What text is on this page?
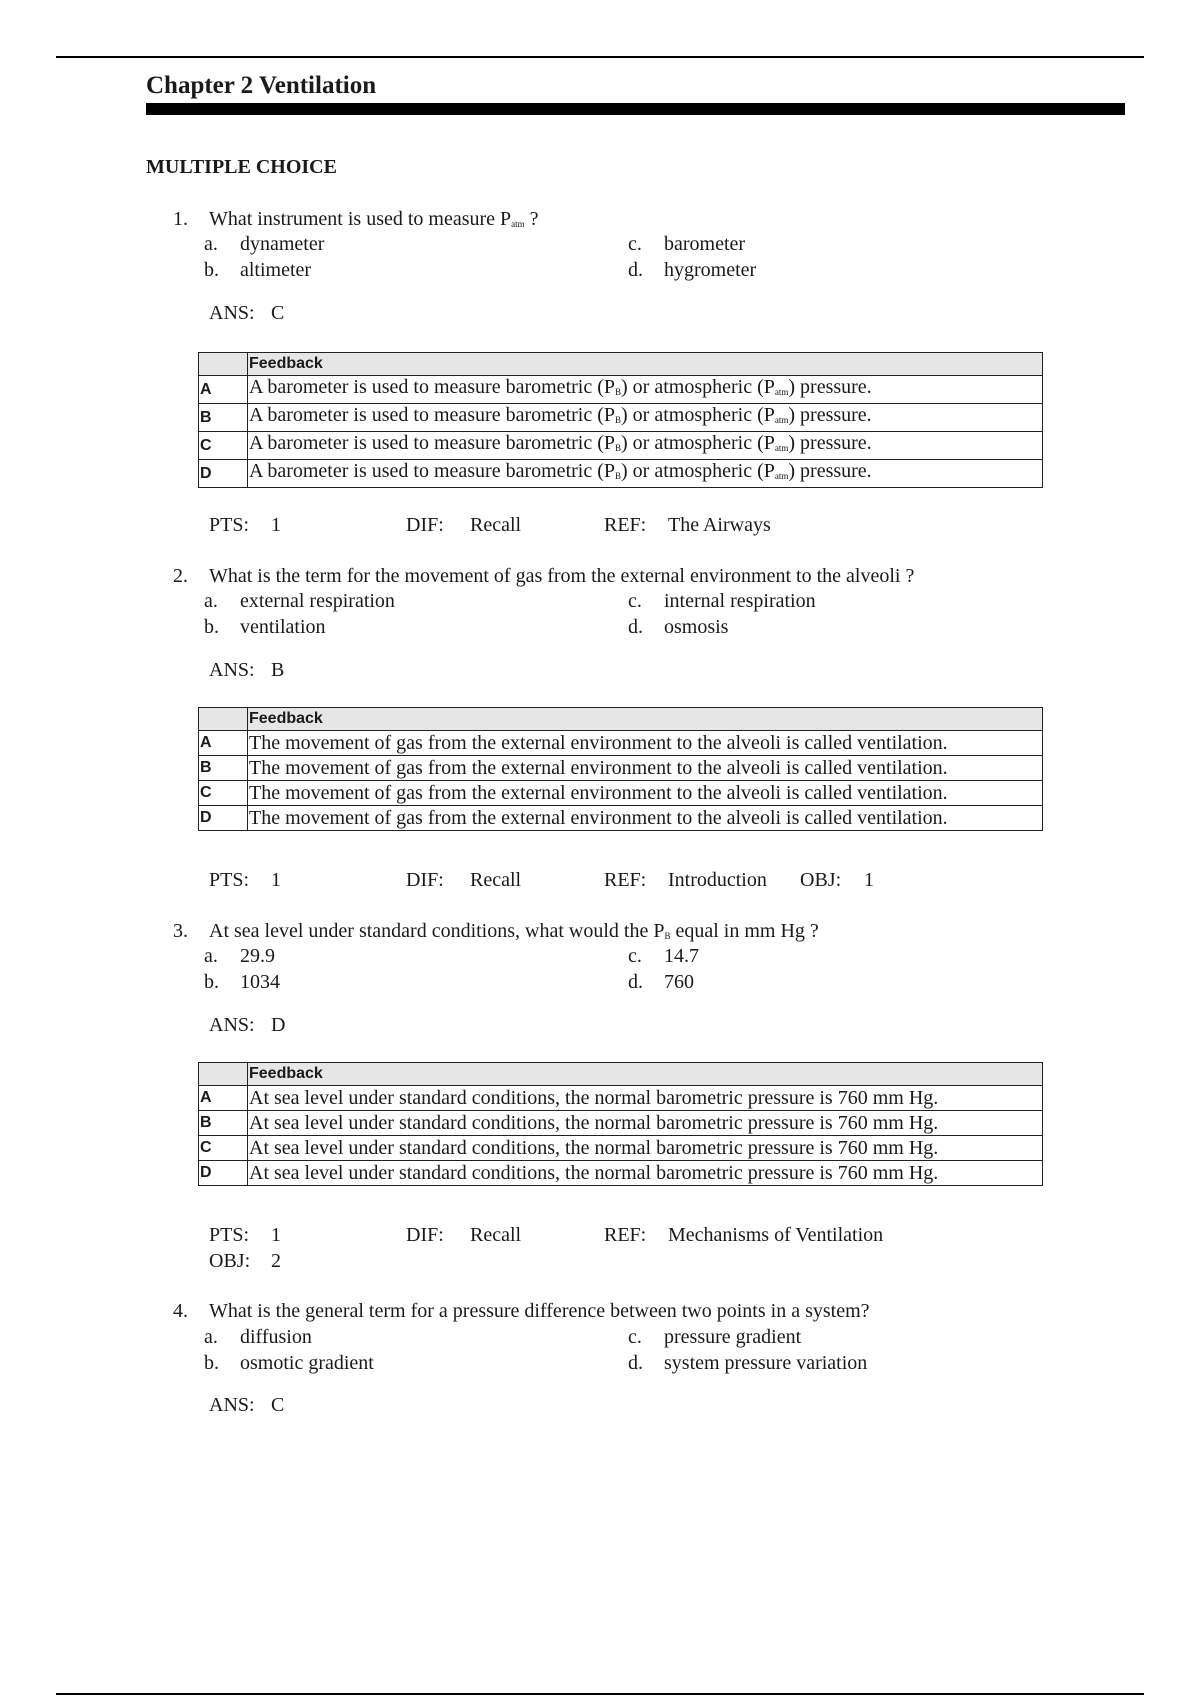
Chapter 2 Ventilation
MULTIPLE CHOICE
1. What instrument is used to measure $P_{atm}$ ?
a. dynameter
b. altimeter
c. barometer
d. hygrometer
ANS: C
	Feedback
A	A barometer is used to measure barometric $(P_B)$ or atmospheric $(P_{atm})$ pressure.
B	A barometer is used to measure barometric $(P_B)$ or atmospheric $(P_{atm})$ pressure.
C	A barometer is used to measure barometric $(P_B)$ or atmospheric $(P_{atm})$ pressure.
D	A barometer is used to measure barometric $(P_B)$ or atmospheric $(P_{atm})$ pressure.
PTS: 1	DIF: Recall	REF: The Airways
2. What is the term for the movement of gas from the external environment to the alveoli ?
a. external respiration
b. ventilation
c. internal respiration
d. osmosis
ANS: B
	Feedback
A	The movement of gas from the external environment to the alveoli is called ventilation.
B	The movement of gas from the external environment to the alveoli is called ventilation.
C	The movement of gas from the external environment to the alveoli is called ventilation.
D	The movement of gas from the external environment to the alveoli is called ventilation.
PTS: 1	DIF: Recall	REF: Introduction OBJ: 1
3. At sea level under standard conditions, what would the $P_B$ equal in mm Hg ?
a. 29.9
b. 1034
c. 14.7
d. 760
ANS: D
	Feedback
A	At sea level under standard conditions, the normal barometric pressure is 760 mm Hg.
B	At sea level under standard conditions, the normal barometric pressure is 760 mm Hg.
C	At sea level under standard conditions, the normal barometric pressure is 760 mm Hg.
D	At sea level under standard conditions, the normal barometric pressure is 760 mm Hg.
PTS: 1	DIF: Recall	REF: Mechanisms of Ventilation
OBJ: 2
4. What is the general term for a pressure difference between two points in a system?
a. diffusion
b. osmotic gradient
c. pressure gradient
d. system pressure variation
ANS: C
